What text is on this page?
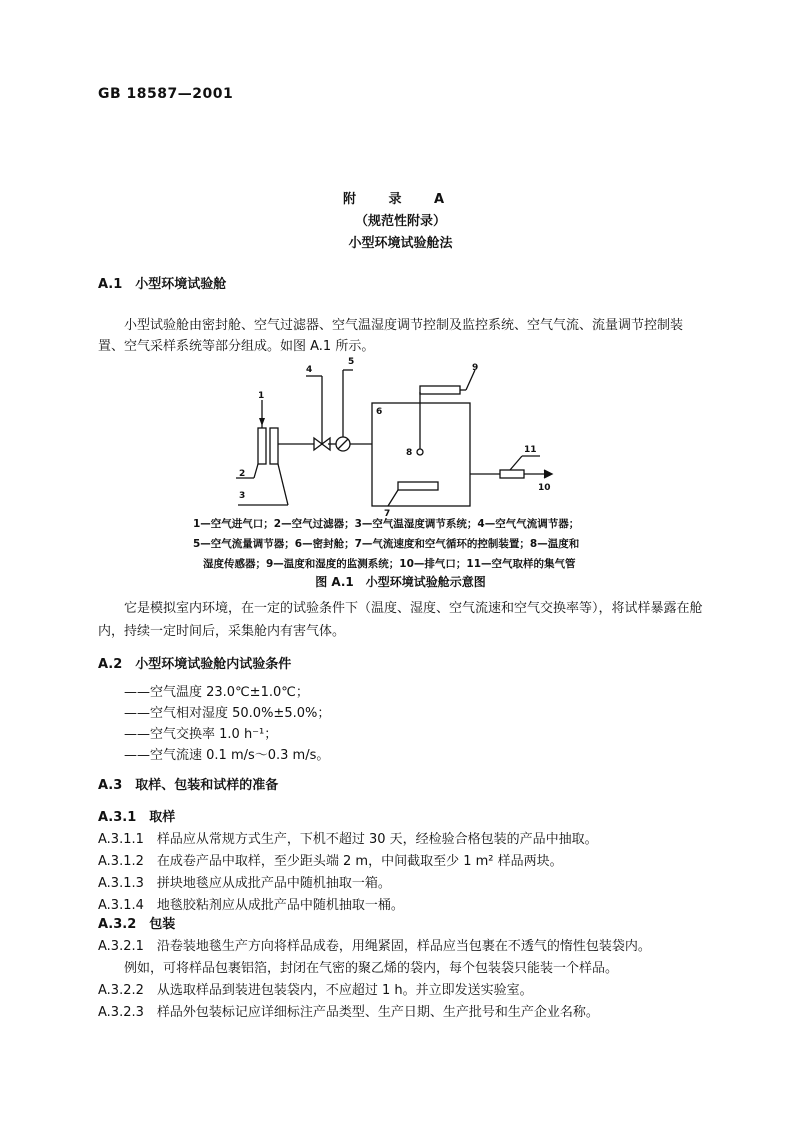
GB 18587—2001
附 录 A
（规范性附录）
小型环境试验舱法
A.1　小型环境试验舱
小型试验舱由密封舱、空气过滤器、空气温湿度调节控制及监控系统、空气气流、流量调节控制装
置、空气采样系统等部分组成。如图 A.1 所示。
1
2
3
4
5
6
7
8
9
10
11
1—空气进气口；2—空气过滤器；3—空气温湿度调节系统；4—空气气流调节器；
5—空气流量调节器；6—密封舱；7—气流速度和空气循环的控制装置；8—温度和
湿度传感器；9—温度和湿度的监测系统；10—排气口；11—空气取样的集气管
图 A.1　小型环境试验舱示意图
它是模拟室内环境，在一定的试验条件下（温度、湿度、空气流速和空气交换率等），将试样暴露在舱
内，持续一定时间后，采集舱内有害气体。
A.2　小型环境试验舱内试验条件
——空气温度 23.0℃±1.0℃；
——空气相对湿度 50.0%±5.0%；
——空气交换率 1.0 h⁻¹；
——空气流速 0.1 m/s～0.3 m/s。
A.3　取样、包装和试样的准备
A.3.1　取样
A.3.1.1　样品应从常规方式生产，下机不超过 30 天，经检验合格包装的产品中抽取。
A.3.1.2　在成卷产品中取样，至少距头端 2 m，中间截取至少 1 m² 样品两块。
A.3.1.3　拼块地毯应从成批产品中随机抽取一箱。
A.3.1.4　地毯胶粘剂应从成批产品中随机抽取一桶。
A.3.2　包装
A.3.2.1　沿卷装地毯生产方向将样品成卷，用绳紧固，样品应当包裹在不透气的惰性包装袋内。
例如，可将样品包裹铝箔，封闭在气密的聚乙烯的袋内，每个包装袋只能装一个样品。
A.3.2.2　从选取样品到装进包装袋内，不应超过 1 h。并立即发送实验室。
A.3.2.3　样品外包装标记应详细标注产品类型、生产日期、生产批号和生产企业名称。
